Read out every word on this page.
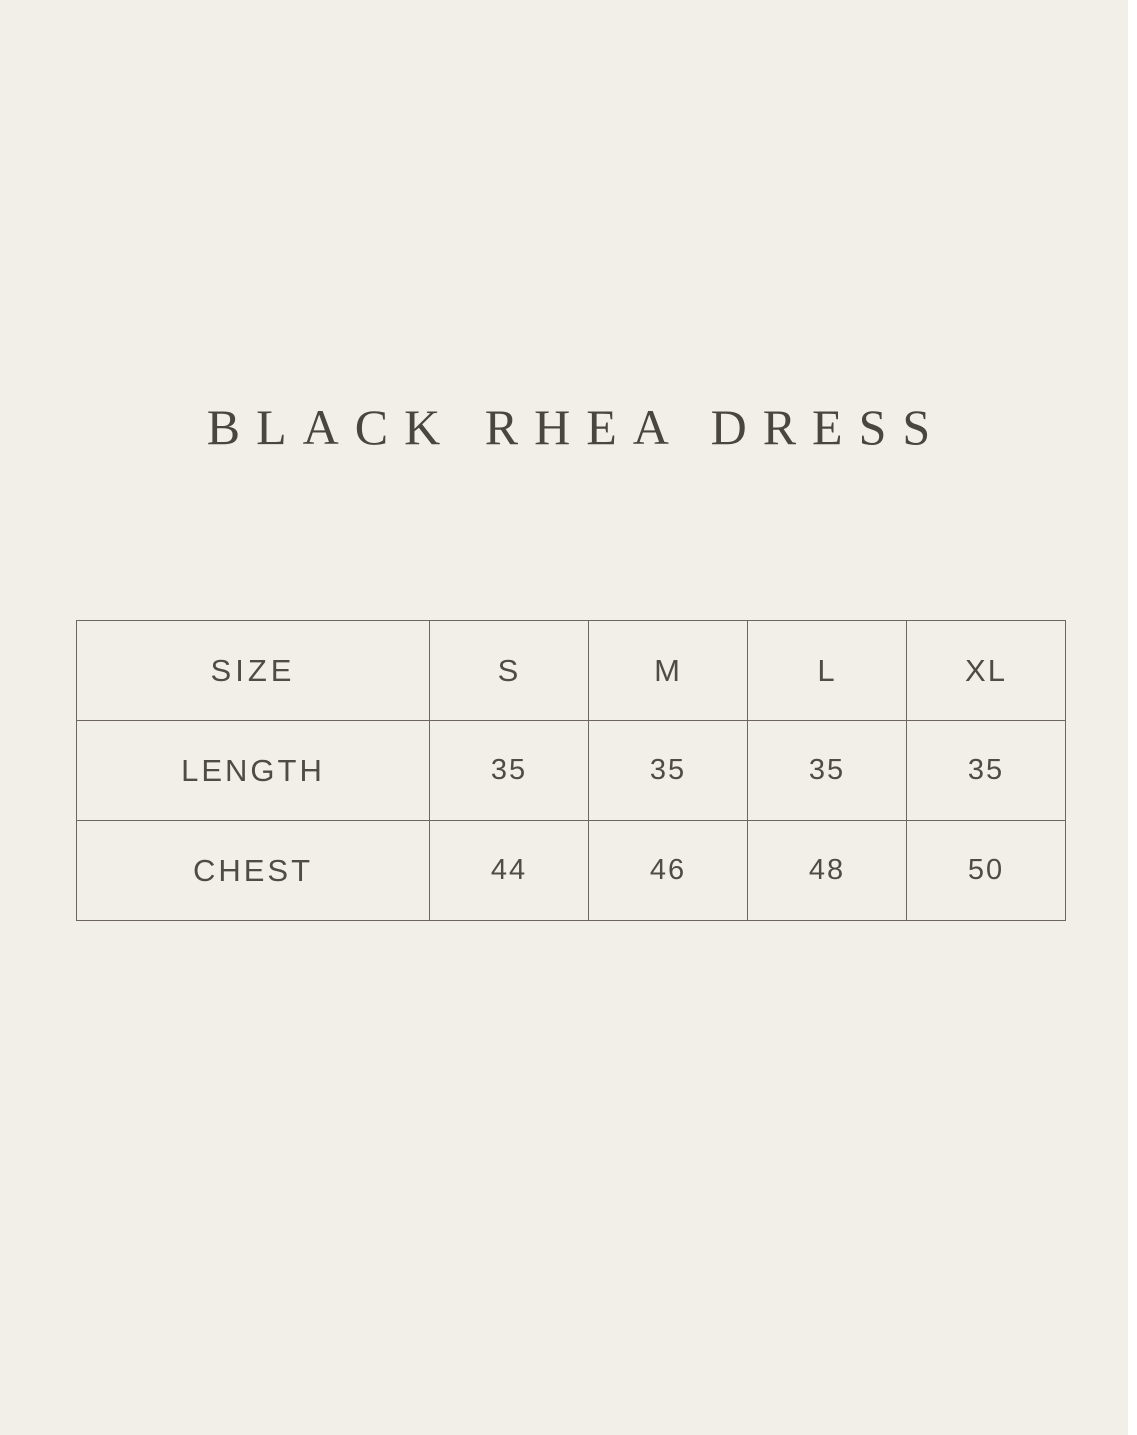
BLACK RHEA DRESS
SIZE	S	M	L	XL
LENGTH	35	35	35	35
CHEST	44	46	48	50
